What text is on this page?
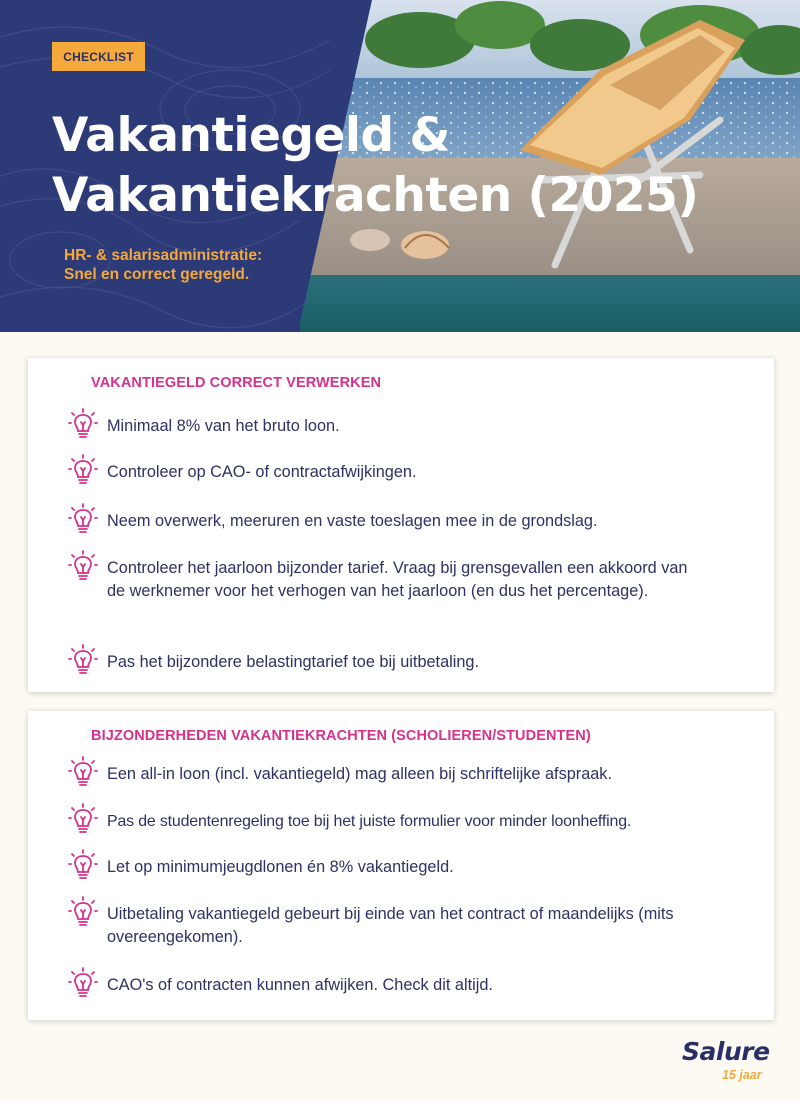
CHECKLIST
Vakantiegeld &
Vakantiekrachten (2025)
HR- & salarisadministratie:
Snel en correct geregeld.
VAKANTIEGELD CORRECT VERWERKEN
Minimaal 8% van het bruto loon.
Controleer op CAO- of contractafwijkingen.
Neem overwerk, meeruren en vaste toeslagen mee in de grondslag.
Controleer het jaarloon bijzonder tarief. Vraag bij grensgevallen een akkoord van de werknemer voor het verhogen van het jaarloon (en dus het percentage).
Pas het bijzondere belastingtarief toe bij uitbetaling.
BIJZONDERHEDEN VAKANTIEKRACHTEN (SCHOLIEREN/STUDENTEN)
Een all-in loon (incl. vakantiegeld) mag alleen bij schriftelijke afspraak.
Pas de studentenregeling toe bij het juiste formulier voor minder loonheffing.
Let op minimumjeugdlonen én 8% vakantiegeld.
Uitbetaling vakantiegeld gebeurt bij einde van het contract of maandelijks (mits overeengekomen).
CAO's of contracten kunnen afwijken. Check dit altijd.
Salure
15 jaar
